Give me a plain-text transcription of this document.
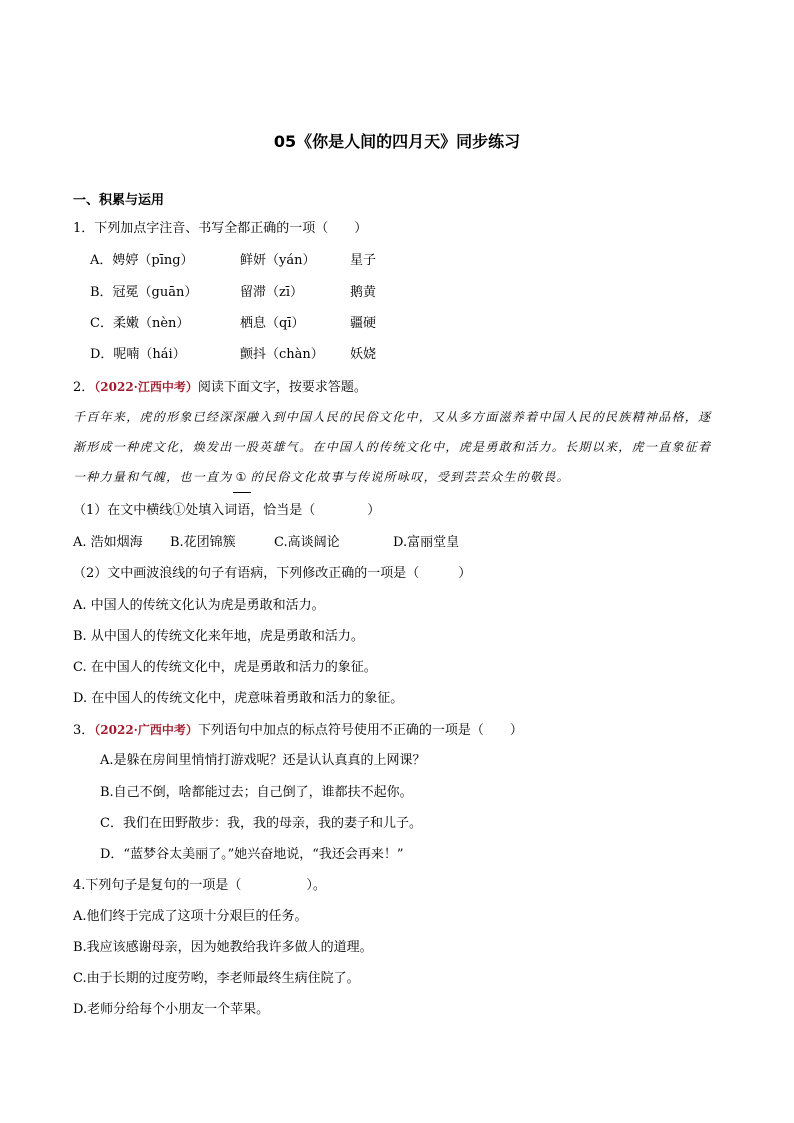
05《你是人间的四月天》同步练习
一、积累与运用
1．下列加点字注音、书写全都正确的一项（　　）
A．娉婷（pīng）	鲜妍（yán）	星子
B．冠冕（guān）	留滞（zī）	鹅黄
C．柔嫩（nèn）	栖息（qī）	疆硬
D．呢喃（hái）	颤抖（chàn） 妖娆
2．（2022·江西中考）阅读下面文字，按要求答题。
千百年来，虎的形象已经深深融入到中国人民的民俗文化中，又从多方面滋养着中国人民的民族精神品格，逐渐形成一种虎文化，焕发出一股英雄气。在中国人的传统文化中，虎是勇敢和活力。长期以来，虎一直象征着一种力量和气魄，也一直为 ① 的民俗文化故事与传说所咏叹，受到芸芸众生的敬畏。
（1）在文中横线①处填入词语，恰当是（　　　　）
A. 浩如烟海 B.花团锦簇	C.高谈阔论	D.富丽堂皇
（2）文中画波浪线的句子有语病，下列修改正确的一项是（　　　）
A. 中国人的传统文化认为虎是勇敢和活力。
B. 从中国人的传统文化来年地，虎是勇敢和活力。
C. 在中国人的传统文化中，虎是勇敢和活力的象征。
D. 在中国人的传统文化中，虎意味着勇敢和活力的象征。
3．（2022·广西中考）下列语句中加点的标点符号使用不正确的一项是（　　）
A.是躲在房间里悄悄打游戏呢？还是认认真真的上网课？
B.自己不倒，啥都能过去；自己倒了，谁都扶不起你。
C．我们在田野散步：我，我的母亲，我的妻子和儿子。
D．“蓝梦谷太美丽了。”她兴奋地说，“我还会再来！”
4.下列句子是复句的一项是（　　　　　）。
A.他们终于完成了这项十分艰巨的任务。
B.我应该感谢母亲，因为她教给我许多做人的道理。
C.由于长期的过度劳哟，李老师最终生病住院了。
D.老师分给每个小朋友一个苹果。
